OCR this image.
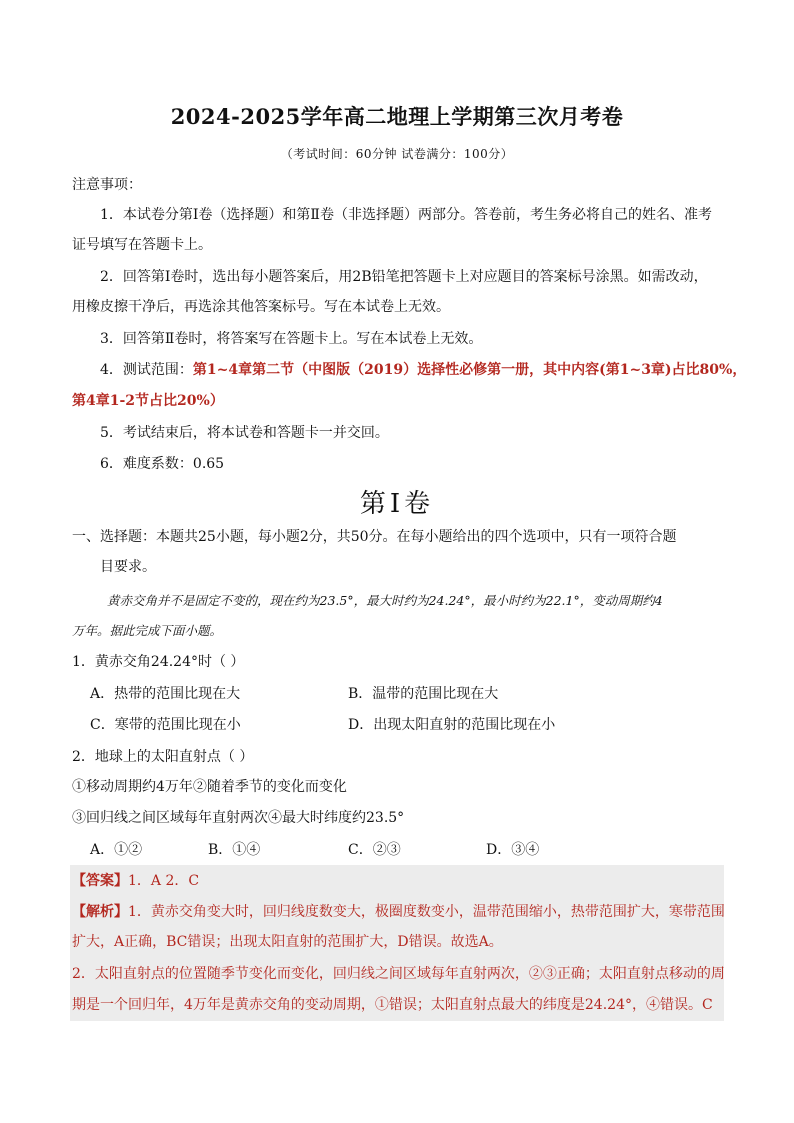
2024-2025学年高二地理上学期第三次月考卷
（考试时间：60分钟 试卷满分：100分）
注意事项：
1．本试卷分第Ⅰ卷（选择题）和第Ⅱ卷（非选择题）两部分。答卷前，考生务必将自己的姓名、准考
证号填写在答题卡上。
2．回答第Ⅰ卷时，选出每小题答案后，用2B铅笔把答题卡上对应题目的答案标号涂黑。如需改动，
用橡皮擦干净后，再选涂其他答案标号。写在本试卷上无效。
3．回答第Ⅱ卷时，将答案写在答题卡上。写在本试卷上无效。
4．测试范围：第1~4章第二节（中图版（2019）选择性必修第一册，其中内容(第1~3章)占比80%，
第4章1-2节占比20%）
5．考试结束后，将本试卷和答题卡一并交回。
6．难度系数：0.65
第Ⅰ卷
一、选择题：本题共25小题，每小题2分，共50分。在每小题给出的四个选项中，只有一项符合题
目要求。
黄赤交角并不是固定不变的，现在约为23.5°，最大时约为24.24°，最小时约为22.1°，变动周期约4
万年。据此完成下面小题。
1．黄赤交角24.24°时（ ）
A．热带的范围比现在大	B．温带的范围比现在大
C．寒带的范围比现在小	D．出现太阳直射的范围比现在小
2．地球上的太阳直射点（ ）
①移动周期约4万年②随着季节的变化而变化
③回归线之间区域每年直射两次④最大时纬度约23.5°
A．①②	B．①④	C．②③	D．③④
【答案】1．A 2．C
【解析】1．黄赤交角变大时，回归线度数变大，极圈度数变小，温带范围缩小，热带范围扩大，寒带范围
扩大，A正确，BC错误；出现太阳直射的范围扩大，D错误。故选A。
2．太阳直射点的位置随季节变化而变化，回归线之间区域每年直射两次，②③正确；太阳直射点移动的周
期是一个回归年，4万年是黄赤交角的变动周期，①错误；太阳直射点最大的纬度是24.24°，④错误。C
